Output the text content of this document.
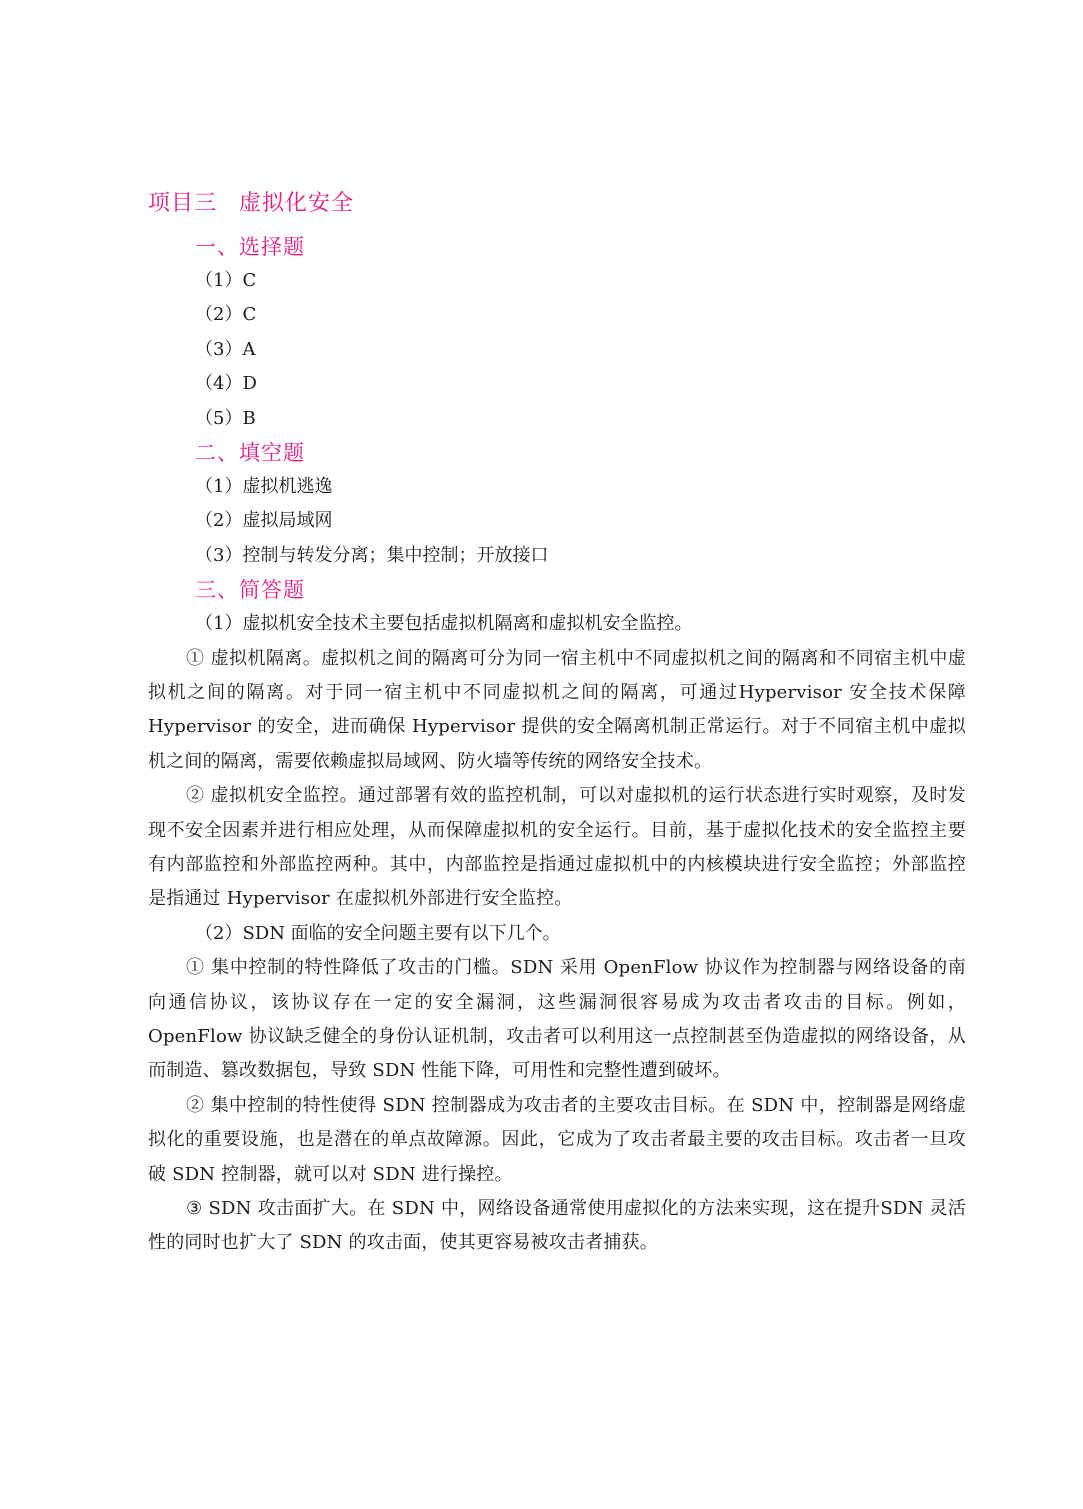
项目三 虚拟化安全
一、选择题
（1）C
（2）C
（3）A
（4）D
（5）B
二、填空题
（1）虚拟机逃逸
（2）虚拟局域网
（3）控制与转发分离；集中控制；开放接口
三、简答题
（1）虚拟机安全技术主要包括虚拟机隔离和虚拟机安全监控。

① 虚拟机隔离。虚拟机之间的隔离可分为同一宿主机中不同虚拟机之间的隔离和不同宿主机中虚拟机之间的隔离。对于同一宿主机中不同虚拟机之间的隔离，可通过Hypervisor 安全技术保障 Hypervisor 的安全，进而确保 Hypervisor 提供的安全隔离机制正常运行。对于不同宿主机中虚拟机之间的隔离，需要依赖虚拟局域网、防火墙等传统的网络安全技术。

② 虚拟机安全监控。通过部署有效的监控机制，可以对虚拟机的运行状态进行实时观察，及时发现不安全因素并进行相应处理，从而保障虚拟机的安全运行。目前，基于虚拟化技术的安全监控主要有内部监控和外部监控两种。其中，内部监控是指通过虚拟机中的内核模块进行安全监控；外部监控是指通过 Hypervisor 在虚拟机外部进行安全监控。

（2）SDN 面临的安全问题主要有以下几个。

① 集中控制的特性降低了攻击的门槛。SDN 采用 OpenFlow 协议作为控制器与网络设备的南向通信协议，该协议存在一定的安全漏洞，这些漏洞很容易成为攻击者攻击的目标。例如，OpenFlow 协议缺乏健全的身份认证机制，攻击者可以利用这一点控制甚至伪造虚拟的网络设备，从而制造、篡改数据包，导致 SDN 性能下降，可用性和完整性遭到破坏。

② 集中控制的特性使得 SDN 控制器成为攻击者的主要攻击目标。在 SDN 中，控制器是网络虚拟化的重要设施，也是潜在的单点故障源。因此，它成为了攻击者最主要的攻击目标。攻击者一旦攻破 SDN 控制器，就可以对 SDN 进行操控。

③ SDN 攻击面扩大。在 SDN 中，网络设备通常使用虚拟化的方法来实现，这在提升SDN 灵活性的同时也扩大了 SDN 的攻击面，使其更容易被攻击者捕获。
